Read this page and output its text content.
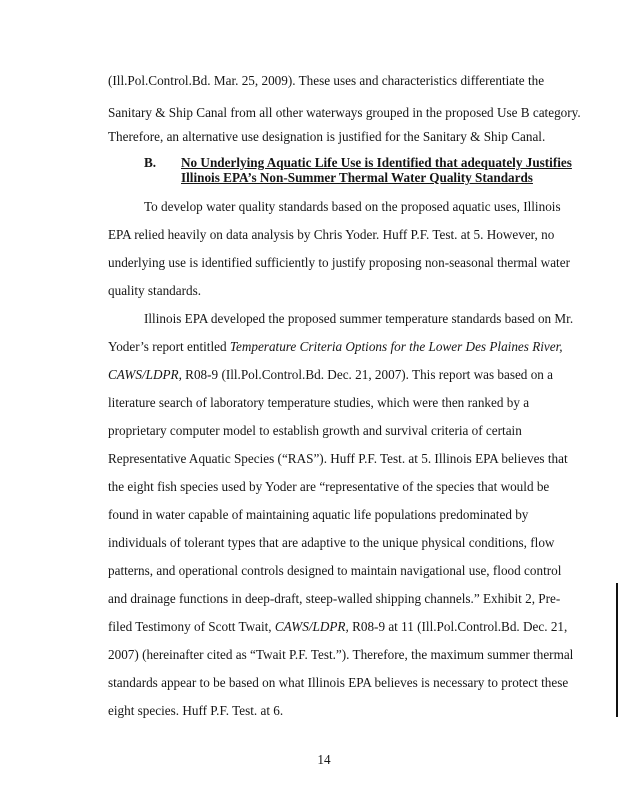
(Ill.Pol.Control.Bd. Mar. 25, 2009). These uses and characteristics differentiate the
Sanitary & Ship Canal from all other waterways grouped in the proposed Use B category.
Therefore, an alternative use designation is justified for the Sanitary & Ship Canal.
B. No Underlying Aquatic Life Use is Identified that adequately Justifies
Illinois EPA’s Non-Summer Thermal Water Quality Standards
To develop water quality standards based on the proposed aquatic uses, Illinois
EPA relied heavily on data analysis by Chris Yoder. Huff P.F. Test. at 5. However, no
underlying use is identified sufficiently to justify proposing non-seasonal thermal water
quality standards.
Illinois EPA developed the proposed summer temperature standards based on Mr.
Yoder’s report entitled Temperature Criteria Options for the Lower Des Plaines River,
CAWS/LDPR, R08-9 (Ill.Pol.Control.Bd. Dec. 21, 2007). This report was based on a
literature search of laboratory temperature studies, which were then ranked by a
proprietary computer model to establish growth and survival criteria of certain
Representative Aquatic Species (“RAS”). Huff P.F. Test. at 5. Illinois EPA believes that
the eight fish species used by Yoder are “representative of the species that would be
found in water capable of maintaining aquatic life populations predominated by
individuals of tolerant types that are adaptive to the unique physical conditions, flow
patterns, and operational controls designed to maintain navigational use, flood control
and drainage functions in deep-draft, steep-walled shipping channels.” Exhibit 2, Pre-
filed Testimony of Scott Twait, CAWS/LDPR, R08-9 at 11 (Ill.Pol.Control.Bd. Dec. 21,
2007) (hereinafter cited as “Twait P.F. Test.”). Therefore, the maximum summer thermal
standards appear to be based on what Illinois EPA believes is necessary to protect these
eight species. Huff P.F. Test. at 6.
14
